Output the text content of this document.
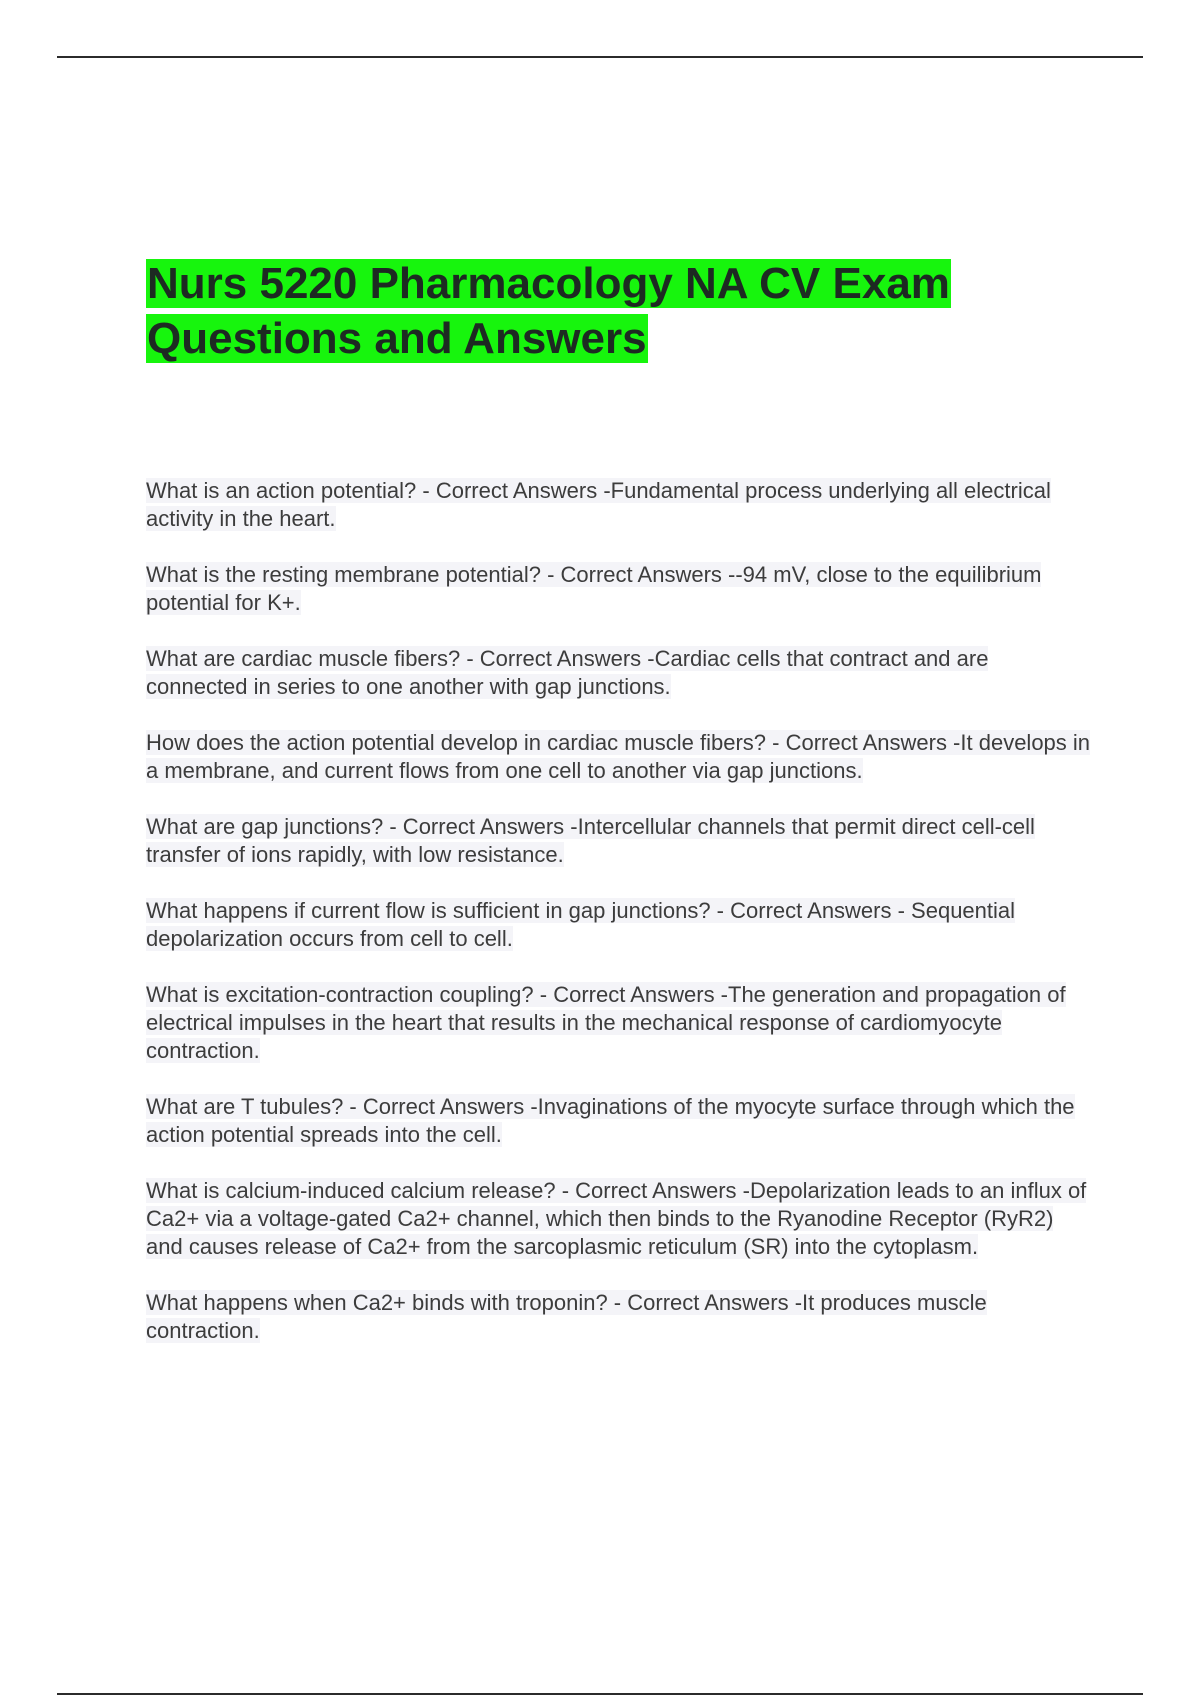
Nurs 5220 Pharmacology NA CV Exam
Questions and Answers

What is an action potential? - Correct Answers -Fundamental process underlying all electrical activity in the heart.

What is the resting membrane potential? - Correct Answers --94 mV, close to the equilibrium potential for K+.

What are cardiac muscle fibers? - Correct Answers -Cardiac cells that contract and are connected in series to one another with gap junctions.

How does the action potential develop in cardiac muscle fibers? - Correct Answers -It develops in a membrane, and current flows from one cell to another via gap junctions.

What are gap junctions? - Correct Answers -Intercellular channels that permit direct cell-cell transfer of ions rapidly, with low resistance.

What happens if current flow is sufficient in gap junctions? - Correct Answers - Sequential depolarization occurs from cell to cell.

What is excitation-contraction coupling? - Correct Answers -The generation and propagation of electrical impulses in the heart that results in the mechanical response of cardiomyocyte contraction.

What are T tubules? - Correct Answers -Invaginations of the myocyte surface through which the action potential spreads into the cell.

What is calcium-induced calcium release? - Correct Answers -Depolarization leads to an influx of Ca2+ via a voltage-gated Ca2+ channel, which then binds to the Ryanodine Receptor (RyR2) and causes release of Ca2+ from the sarcoplasmic reticulum (SR) into the cytoplasm.

What happens when Ca2+ binds with troponin? - Correct Answers -It produces muscle contraction.
